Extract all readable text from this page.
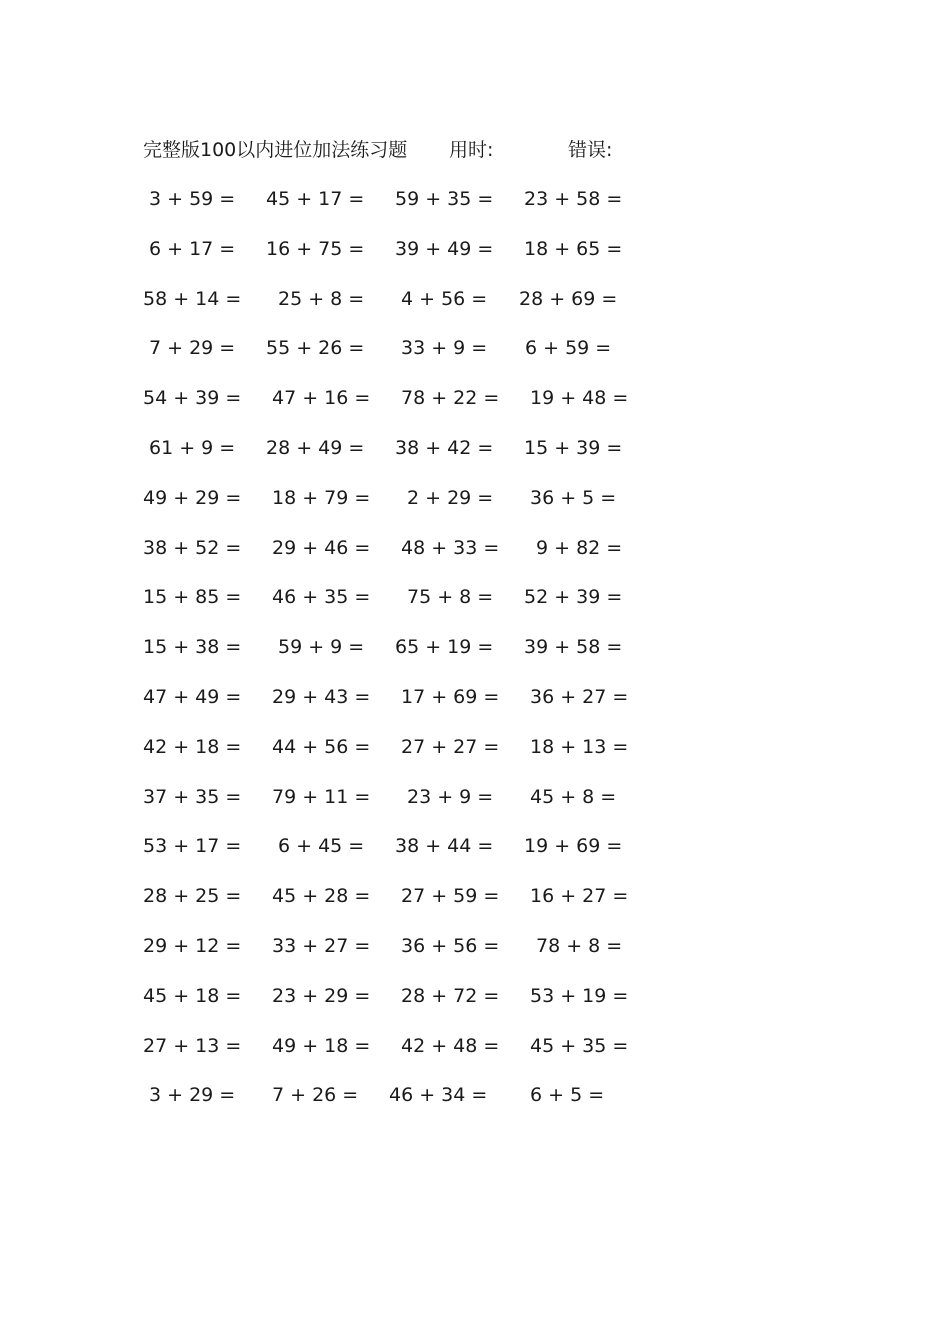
完整版100以内进位加法练习题 用时:	错误:
3 + 59 = 45 + 17 = 59 + 35 = 23 + 58 =
6 + 17 = 16 + 75 = 39 + 49 = 18 + 65 =
58 + 14 = 25 + 8 = 4 + 56 = 28 + 69 =
7 + 29 = 55 + 26 = 33 + 9 = 6 + 59 =
54 + 39 = 47 + 16 = 78 + 22 = 19 + 48 =
61 + 9 = 28 + 49 = 38 + 42 = 15 + 39 =
49 + 29 = 18 + 79 = 2 + 29 = 36 + 5 =
38 + 52 = 29 + 46 = 48 + 33 = 9 + 82 =
15 + 85 = 46 + 35 = 75 + 8 = 52 + 39 =
15 + 38 = 59 + 9 = 65 + 19 = 39 + 58 =
47 + 49 = 29 + 43 = 17 + 69 = 36 + 27 =
42 + 18 = 44 + 56 = 27 + 27 = 18 + 13 =
37 + 35 = 79 + 11 = 23 + 9 = 45 + 8 =
53 + 17 = 6 + 45 = 38 + 44 = 19 + 69 =
28 + 25 = 45 + 28 = 27 + 59 = 16 + 27 =
29 + 12 = 33 + 27 = 36 + 56 = 78 + 8 =
45 + 18 = 23 + 29 = 28 + 72 = 53 + 19 =
27 + 13 = 49 + 18 = 42 + 48 = 45 + 35 =
3 + 29 = 7 + 26 = 46 + 34 = 6 + 5 =
